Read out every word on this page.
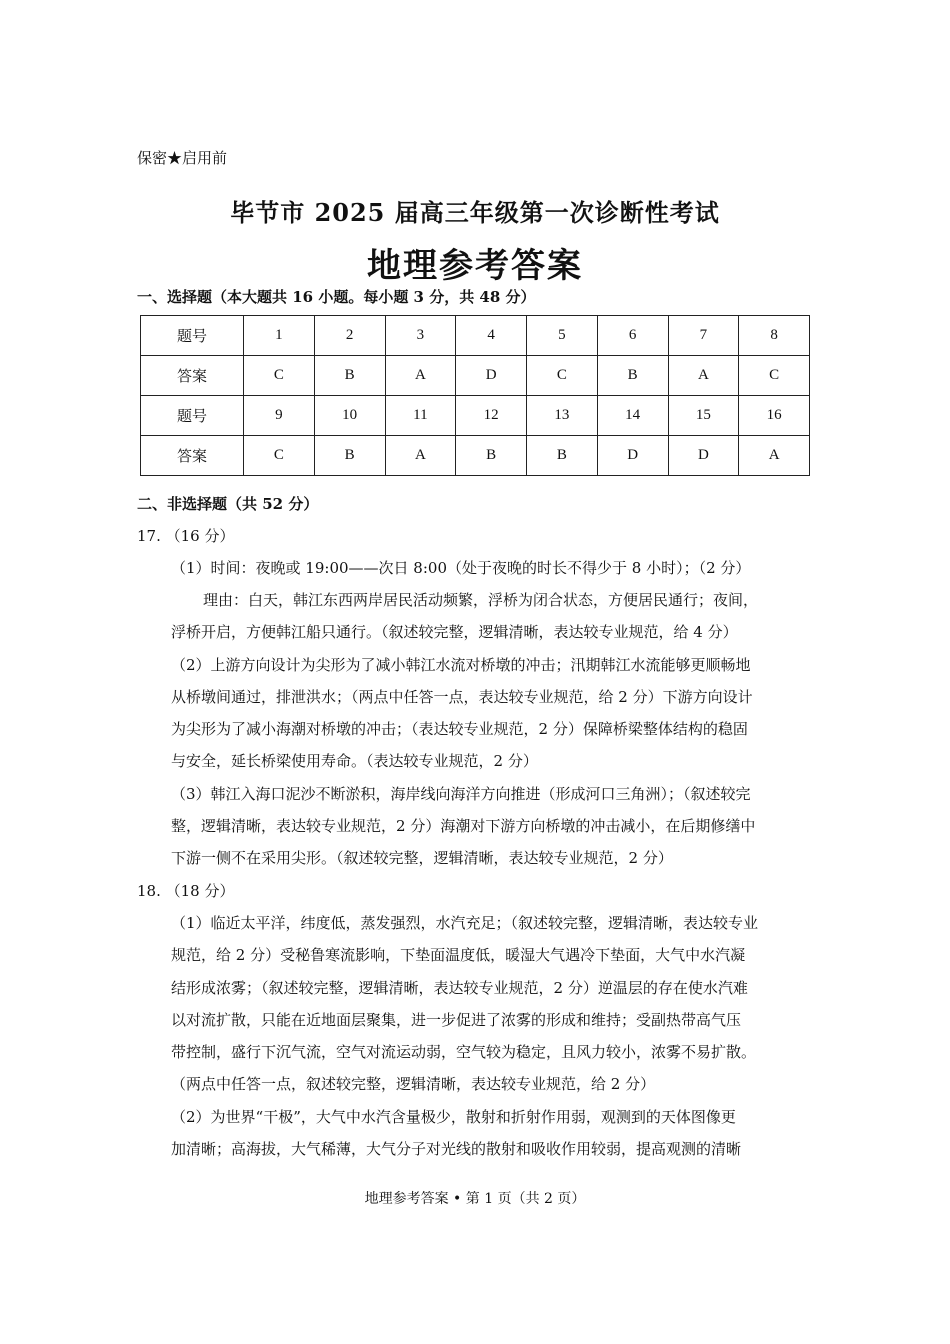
保密★启用前
毕节市 2025 届高三年级第一次诊断性考试
地理参考答案
一、选择题（本大题共 16 小题。每小题 3 分，共 48 分）
题号	1	2	3	4	5	6	7	8
答案	C	B	A	D	C	B	A	C
题号	9	10	11	12	13	14	15	16
答案	C	B	A	B	B	D	D	A
二、非选择题（共 52 分）
17. （16 分）
（1）时间：夜晚或 19:00——次日 8:00（处于夜晚的时长不得少于 8 小时）；（2 分）
理由：白天，韩江东西两岸居民活动频繁，浮桥为闭合状态，方便居民通行；夜间，
浮桥开启，方便韩江船只通行。（叙述较完整，逻辑清晰，表达较专业规范，给 4 分）
（2）上游方向设计为尖形为了减小韩江水流对桥墩的冲击；汛期韩江水流能够更顺畅地
从桥墩间通过，排泄洪水；（两点中任答一点，表达较专业规范，给 2 分）下游方向设计
为尖形为了减小海潮对桥墩的冲击；（表达较专业规范，2 分）保障桥梁整体结构的稳固
与安全，延长桥梁使用寿命。（表达较专业规范，2 分）
（3）韩江入海口泥沙不断淤积，海岸线向海洋方向推进（形成河口三角洲）；（叙述较完
整，逻辑清晰，表达较专业规范，2 分）海潮对下游方向桥墩的冲击减小，在后期修缮中
下游一侧不在采用尖形。（叙述较完整，逻辑清晰，表达较专业规范，2 分）
18. （18 分）
（1）临近太平洋，纬度低，蒸发强烈，水汽充足；（叙述较完整，逻辑清晰，表达较专业
规范，给 2 分）受秘鲁寒流影响，下垫面温度低，暖湿大气遇冷下垫面，大气中水汽凝
结形成浓雾；（叙述较完整，逻辑清晰，表达较专业规范，2 分）逆温层的存在使水汽难
以对流扩散，只能在近地面层聚集，进一步促进了浓雾的形成和维持；受副热带高气压
带控制，盛行下沉气流，空气对流运动弱，空气较为稳定，且风力较小，浓雾不易扩散。
（两点中任答一点，叙述较完整，逻辑清晰，表达较专业规范，给 2 分）
（2）为世界“干极”，大气中水汽含量极少，散射和折射作用弱，观测到的天体图像更
加清晰；高海拔，大气稀薄，大气分子对光线的散射和吸收作用较弱，提高观测的清晰
地理参考答案 • 第 1 页（共 2 页）
